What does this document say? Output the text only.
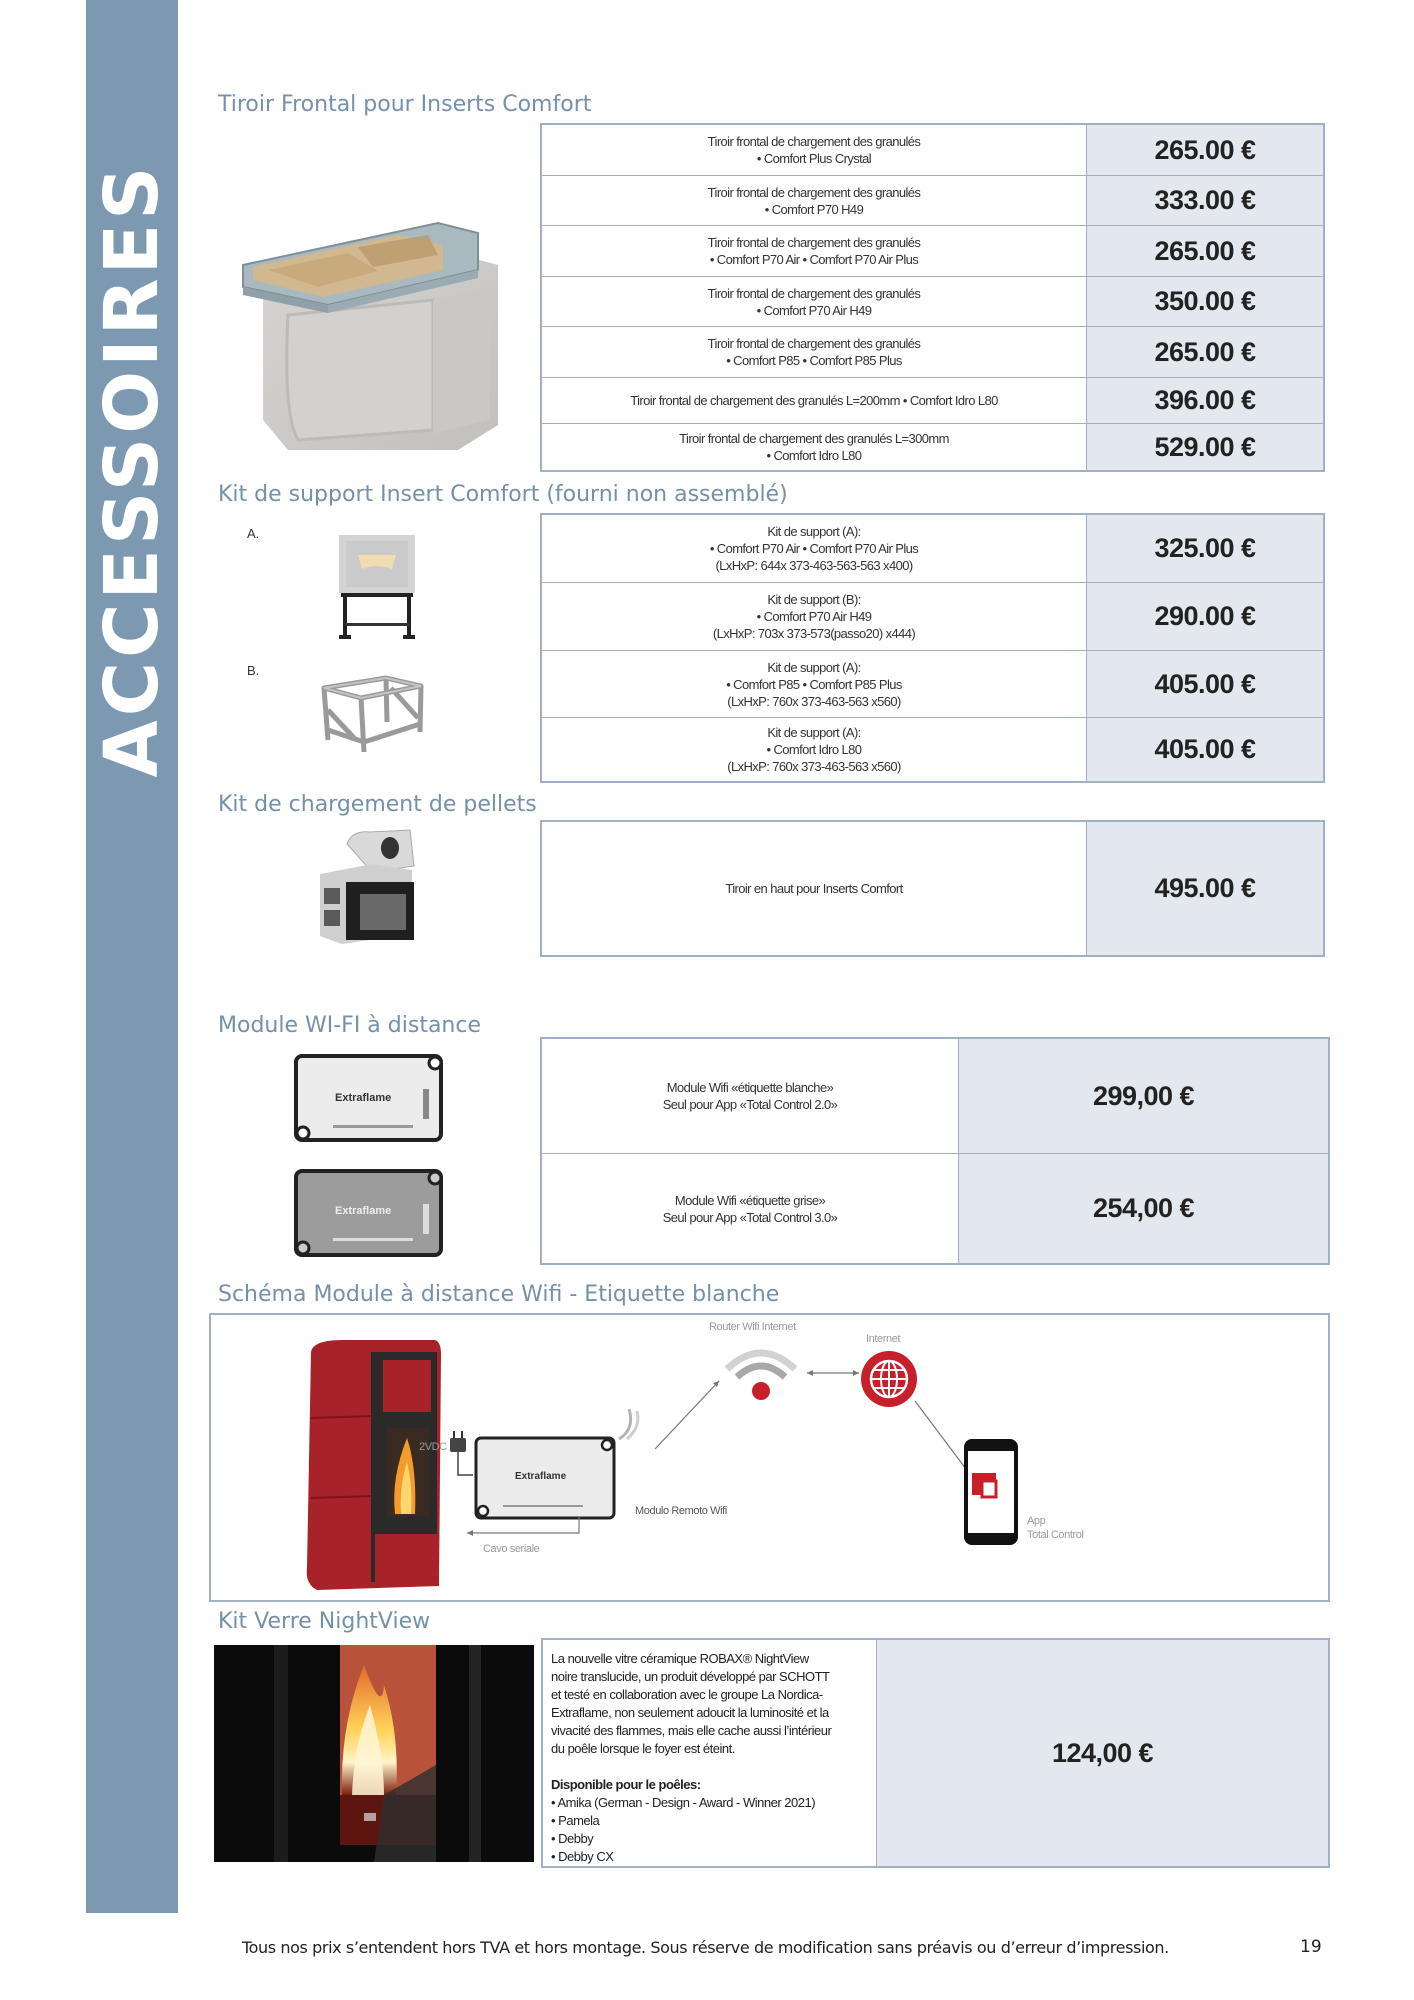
ACCESSOIRES
Tiroir Frontal pour Inserts Comfort
Tiroir frontal de chargement des granulés
• Comfort Plus Crystal	265.00 €
Tiroir frontal de chargement des granulés
• Comfort P70 H49	333.00 €
Tiroir frontal de chargement des granulés
• Comfort P70 Air • Comfort P70 Air Plus	265.00 €
Tiroir frontal de chargement des granulés
• Comfort P70 Air H49	350.00 €
Tiroir frontal de chargement des granulés
• Comfort P85 • Comfort P85 Plus	265.00 €
Tiroir frontal de chargement des granulés L=200mm • Comfort Idro L80	396.00 €
Tiroir frontal de chargement des granulés L=300mm
• Comfort Idro L80	529.00 €
Kit de support Insert Comfort (fourni non assemblé)
A.
B.
Kit de support (A):
• Comfort P70 Air • Comfort P70 Air Plus
(LxHxP: 644x 373-463-563-563 x400)
325.00 €
Kit de support (B):
• Comfort P70 Air H49
(LxHxP: 703x 373-573(passo20) x444)
290.00 €
Kit de support (A):
• Comfort P85 • Comfort P85 Plus
(LxHxP: 760x 373-463-563 x560)
405.00 €
Kit de support (A):
• Comfort Idro L80
(LxHxP: 760x 373-463-563 x560)
405.00 €
Kit de chargement de pellets
Tiroir en haut pour Inserts Comfort	495.00 €
Module WI-FI à distance
Extraflame
Extraflame
Module Wifi «étiquette blanche»
Seul pour App «Total Control 2.0»	299,00 €
Module Wifi «étiquette grise»
Seul pour App «Total Control 3.0»	254,00 €
Schéma Module à distance Wifi - Etiquette blanche
2VDC
Extraflame
Modulo Remoto Wifi
Cavo seriale
Router Wifi Internet
Internet
App
Total Control
Kit Verre NightView
La nouvelle vitre céramique ROBAX® NightView
noire translucide, un produit développé par SCHOTT
et testé en collaboration avec le groupe La Nordica-
Extraflame, non seulement adoucit la luminosité et la
vivacité des flammes, mais elle cache aussi l’intérieur
du poêle lorsque le foyer est éteint.
Disponible pour le poêles:
• Amika (German - Design - Award - Winner 2021)
• Pamela
• Debby
• Debby CX
124,00 €
Tous nos prix s’entendent hors TVA et hors montage. Sous réserve de modification sans préavis ou d’erreur d’impression.	19
